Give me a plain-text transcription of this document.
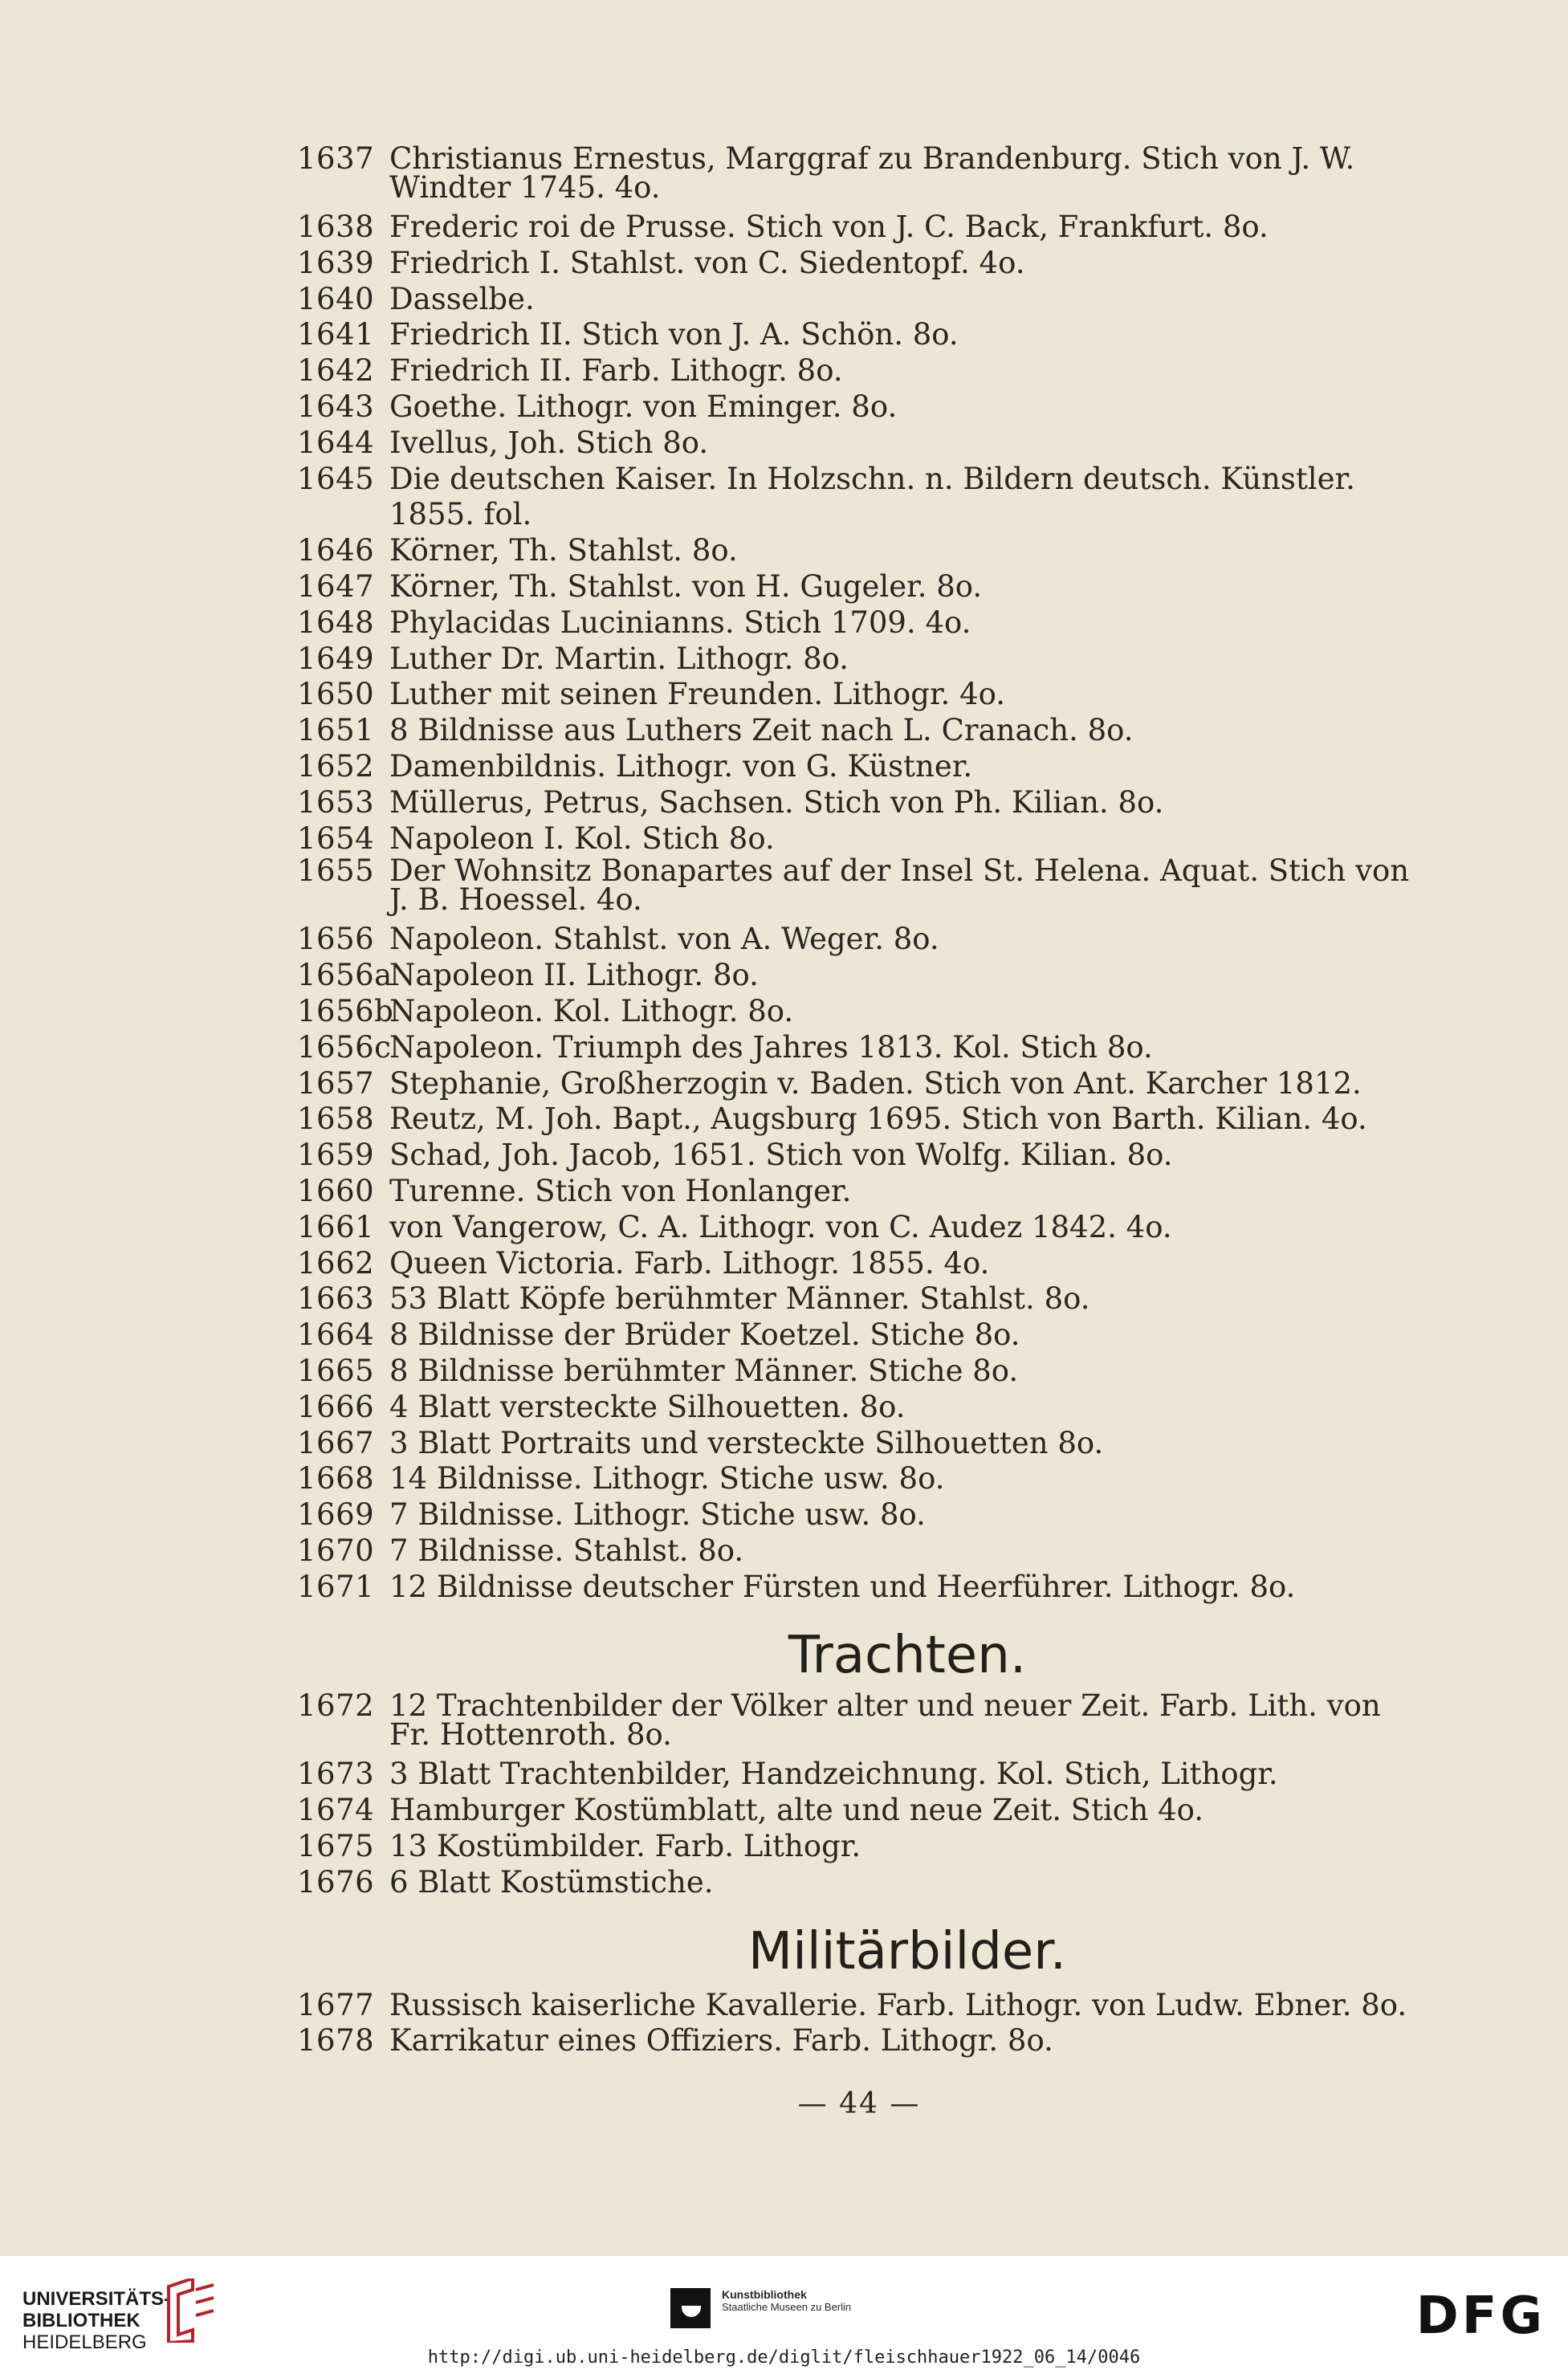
1637 Christianus Ernestus, Marggraf zu Brandenburg. Stich von J. W. Windter 1745. 4o.
1638 Frederic roi de Prusse. Stich von J. C. Back, Frankfurt. 8o.
1639 Friedrich I. Stahlst. von C. Siedentopf. 4o.
1640 Dasselbe.
1641 Friedrich II. Stich von J. A. Schön. 8o.
1642 Friedrich II. Farb. Lithogr. 8o.
1643 Goethe. Lithogr. von Eminger. 8o.
1644 Ivellus, Joh. Stich 8o.
1645 Die deutschen Kaiser. In Holzschn. n. Bildern deutsch. Künstler. 1855. fol.
1646 Körner, Th. Stahlst. 8o.
1647 Körner, Th. Stahlst. von H. Gugeler. 8o.
1648 Phylacidas Lucinianns. Stich 1709. 4o.
1649 Luther Dr. Martin. Lithogr. 8o.
1650 Luther mit seinen Freunden. Lithogr. 4o.
1651 8 Bildnisse aus Luthers Zeit nach L. Cranach. 8o.
1652 Damenbildnis. Lithogr. von G. Küstner.
1653 Müllerus, Petrus, Sachsen. Stich von Ph. Kilian. 8o.
1654 Napoleon I. Kol. Stich 8o.
1655 Der Wohnsitz Bonapartes auf der Insel St. Helena. Aquat. Stich von J. B. Hoessel. 4o.
1656 Napoleon. Stahlst. von A. Weger. 8o.
1656a
Napoleon II. Lithogr. 8o.
1656b
Napoleon. Kol. Lithogr. 8o.
1656c
Napoleon. Triumph des Jahres 1813. Kol. Stich 8o.
1657 Stephanie, Großherzogin v. Baden. Stich von Ant. Karcher 1812.
1658 Reutz, M. Joh. Bapt., Augsburg 1695. Stich von Barth. Kilian. 4o.
1659 Schad, Joh. Jacob, 1651. Stich von Wolfg. Kilian. 8o.
1660 Turenne. Stich von Honlanger.
1661 von Vangerow, C. A. Lithogr. von C. Audez 1842. 4o.
1662 Queen Victoria. Farb. Lithogr. 1855. 4o.
1663 53 Blatt Köpfe berühmter Männer. Stahlst. 8o.
1664 8 Bildnisse der Brüder Koetzel. Stiche 8o.
1665 8 Bildnisse berühmter Männer. Stiche 8o.
1666 4 Blatt versteckte Silhouetten. 8o.
1667 3 Blatt Portraits und versteckte Silhouetten 8o.
1668 14 Bildnisse. Lithogr. Stiche usw. 8o.
1669 7 Bildnisse. Lithogr. Stiche usw. 8o.
1670 7 Bildnisse. Stahlst. 8o.
1671 12 Bildnisse deutscher Fürsten und Heerführer. Lithogr. 8o.
Trachten.
1672 12 Trachtenbilder der Völker alter und neuer Zeit. Farb. Lith. von Fr. Hottenroth. 8o.
1673 3 Blatt Trachtenbilder, Handzeichnung. Kol. Stich, Lithogr.
1674 Hamburger Kostümblatt, alte und neue Zeit. Stich 4o.
1675 13 Kostümbilder. Farb. Lithogr.
1676 6 Blatt Kostümstiche.
Militärbilder.
1677 Russisch kaiserliche Kavallerie. Farb. Lithogr. von Ludw. Ebner. 8o.
1678 Karrikatur eines Offiziers. Farb. Lithogr. 8o.
— 44 —
UNIVERSITÄTS-
BIBLIOTHEK
HEIDELBERG
Kunstbibliothek
Staatliche Museen zu Berlin	DFG
http://digi.ub.uni-heidelberg.de/diglit/fleischhauer1922_06_14/0046
